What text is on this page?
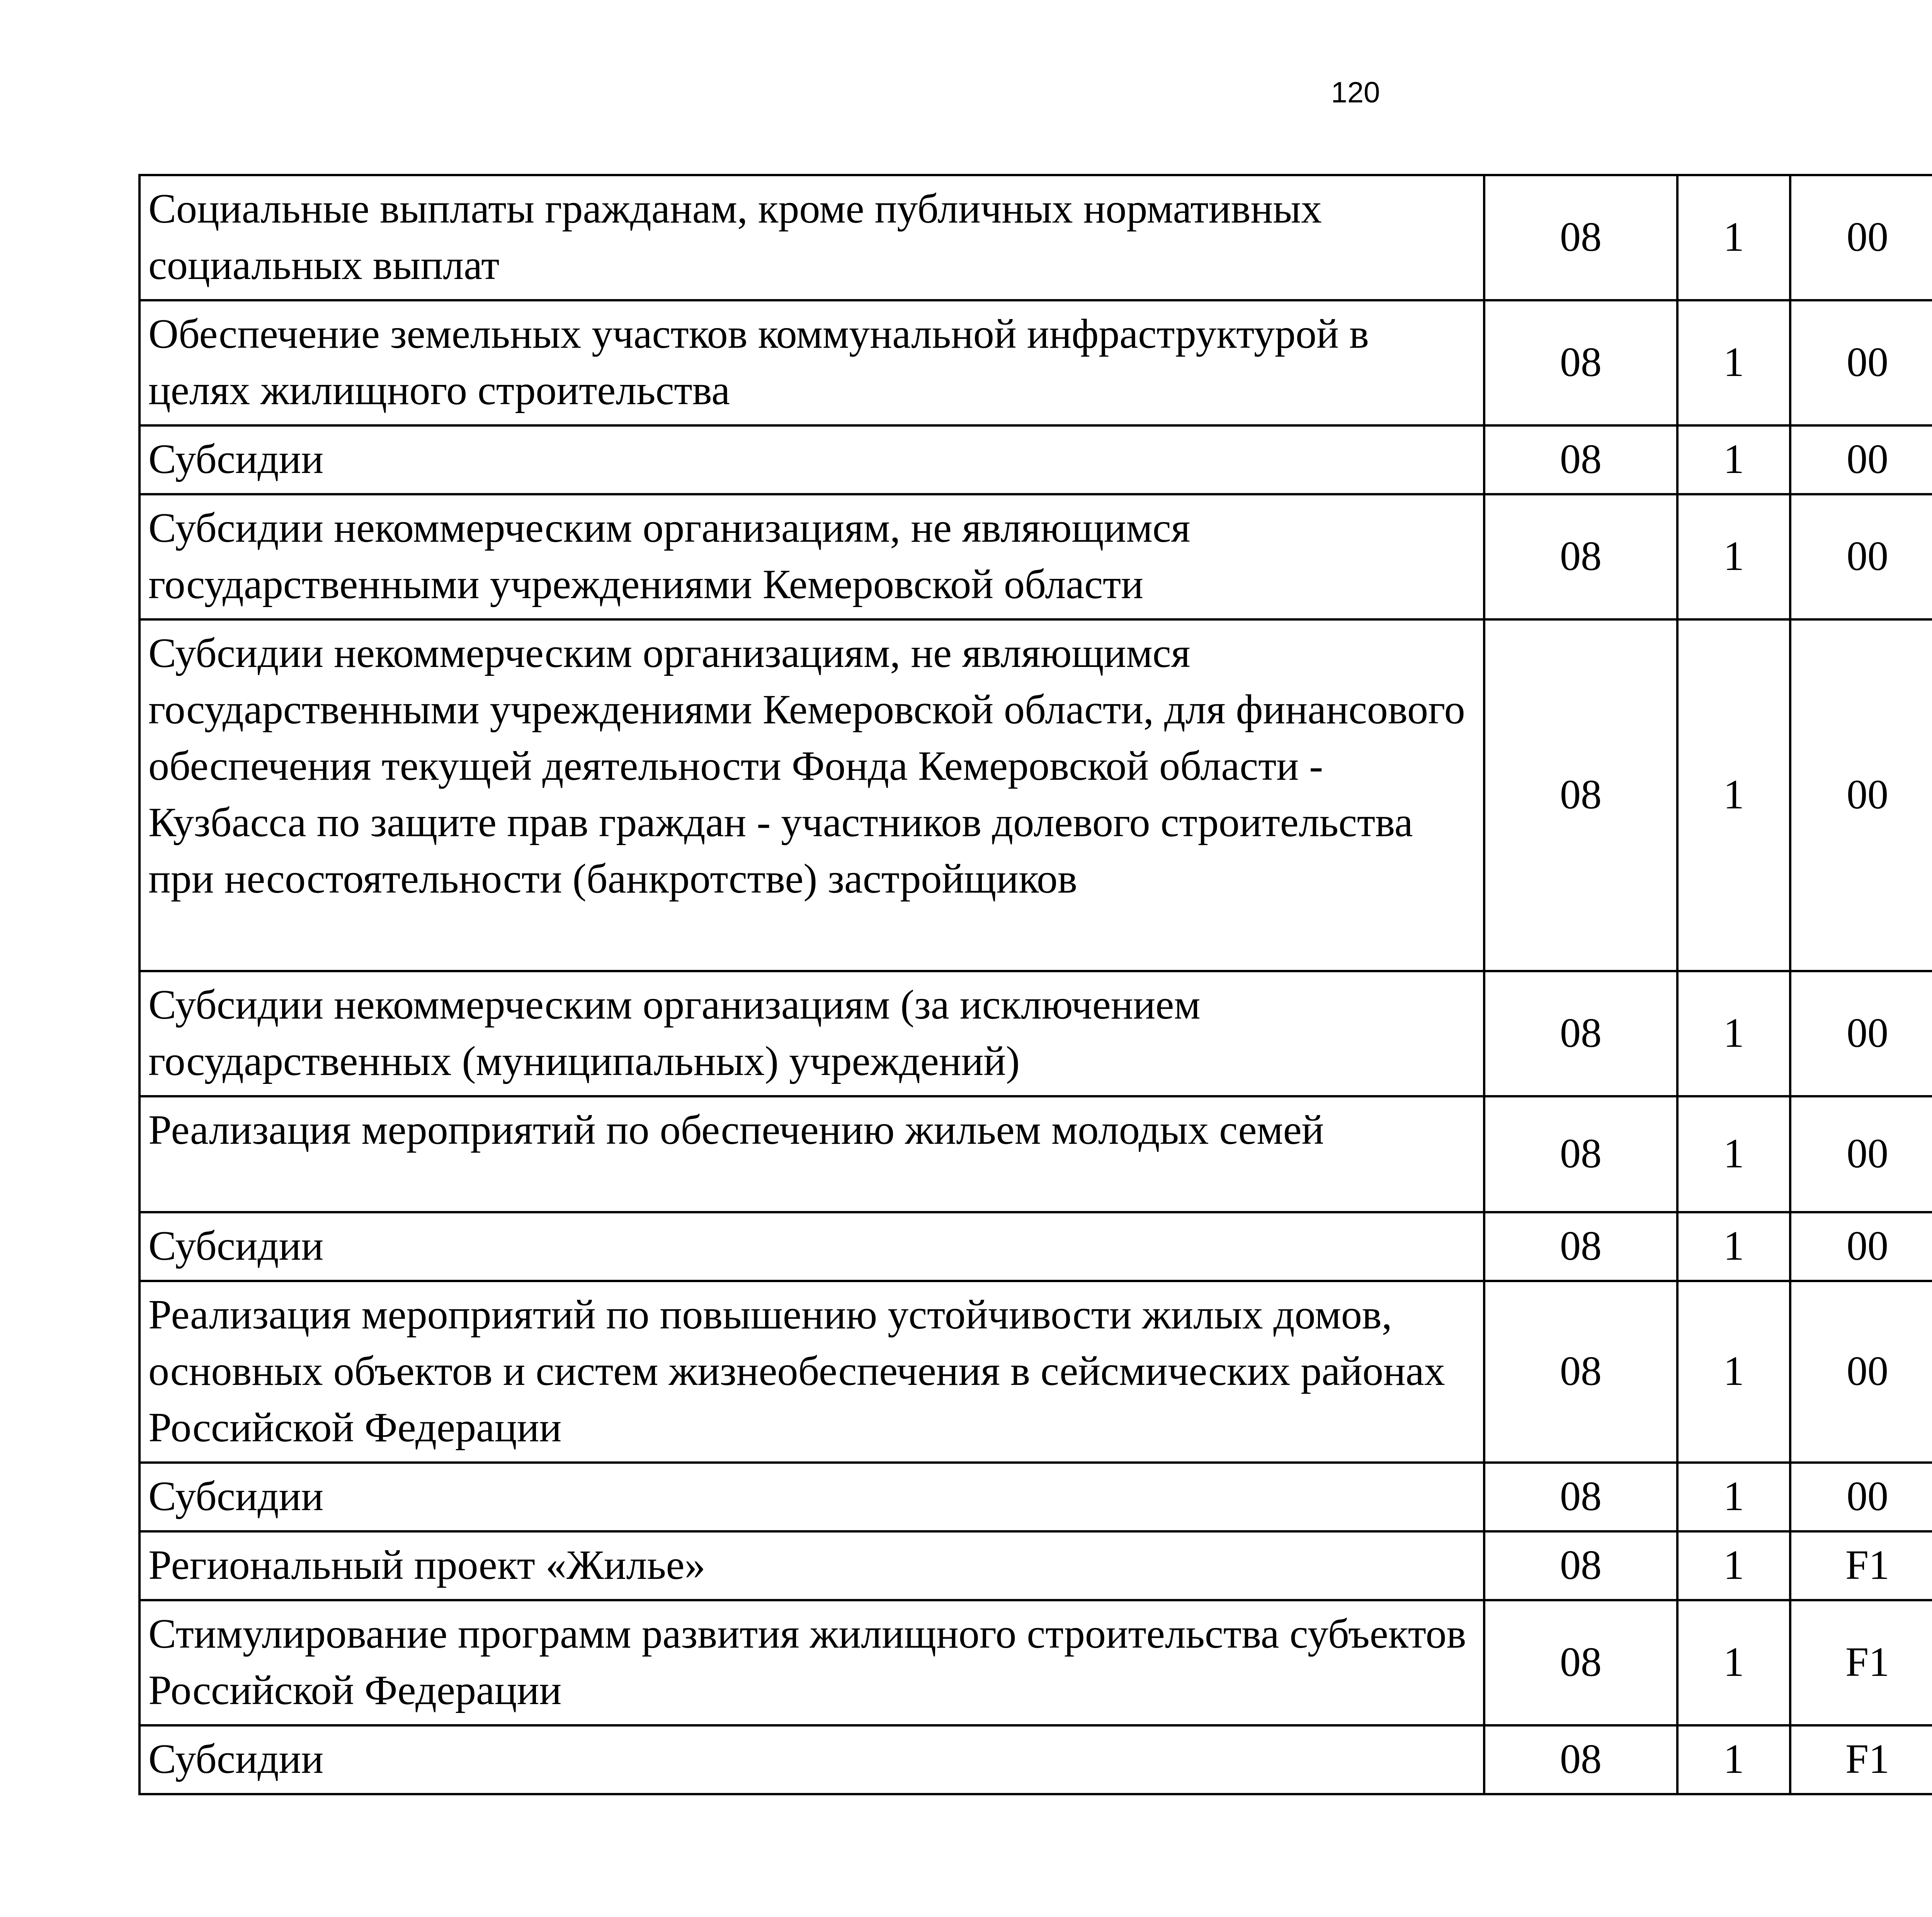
120
Социальные выплаты гражданам, кроме публичных нормативных социальных выплат	08	1	00			
Обеспечение земельных участков коммунальной инфраструктурой в целях жилищного строительства	08	1	00			
Субсидии	08	1	00			
Субсидии некоммерческим организациям, не являющимся государственными учреждениями Кемеровской области	08	1	00			
Субсидии некоммерческим организациям, не являющимся государственными учреждениями Кемеровской области, для финансового обеспечения текущей деятельности Фонда Кемеровской области - Кузбасса по защите прав граждан - участников долевого строительства при несостоятельности (банкротстве) застройщиков	08	1	00			
Субсидии некоммерческим организациям (за исключением государственных (муниципальных) учреждений)	08	1	00			
Реализация мероприятий по обеспечению жильем молодых семей	08	1	00			
Субсидии	08	1	00			
Реализация мероприятий по повышению устойчивости жилых домов, основных объектов и систем жизнеобеспечения в сейсмических районах Российской Федерации	08	1	00			
Субсидии	08	1	00			
Региональный проект «Жилье»	08	1	F1			
Стимулирование программ развития жилищного строительства субъектов Российской Федерации	08	1	F1			
Субсидии	08	1	F1			
